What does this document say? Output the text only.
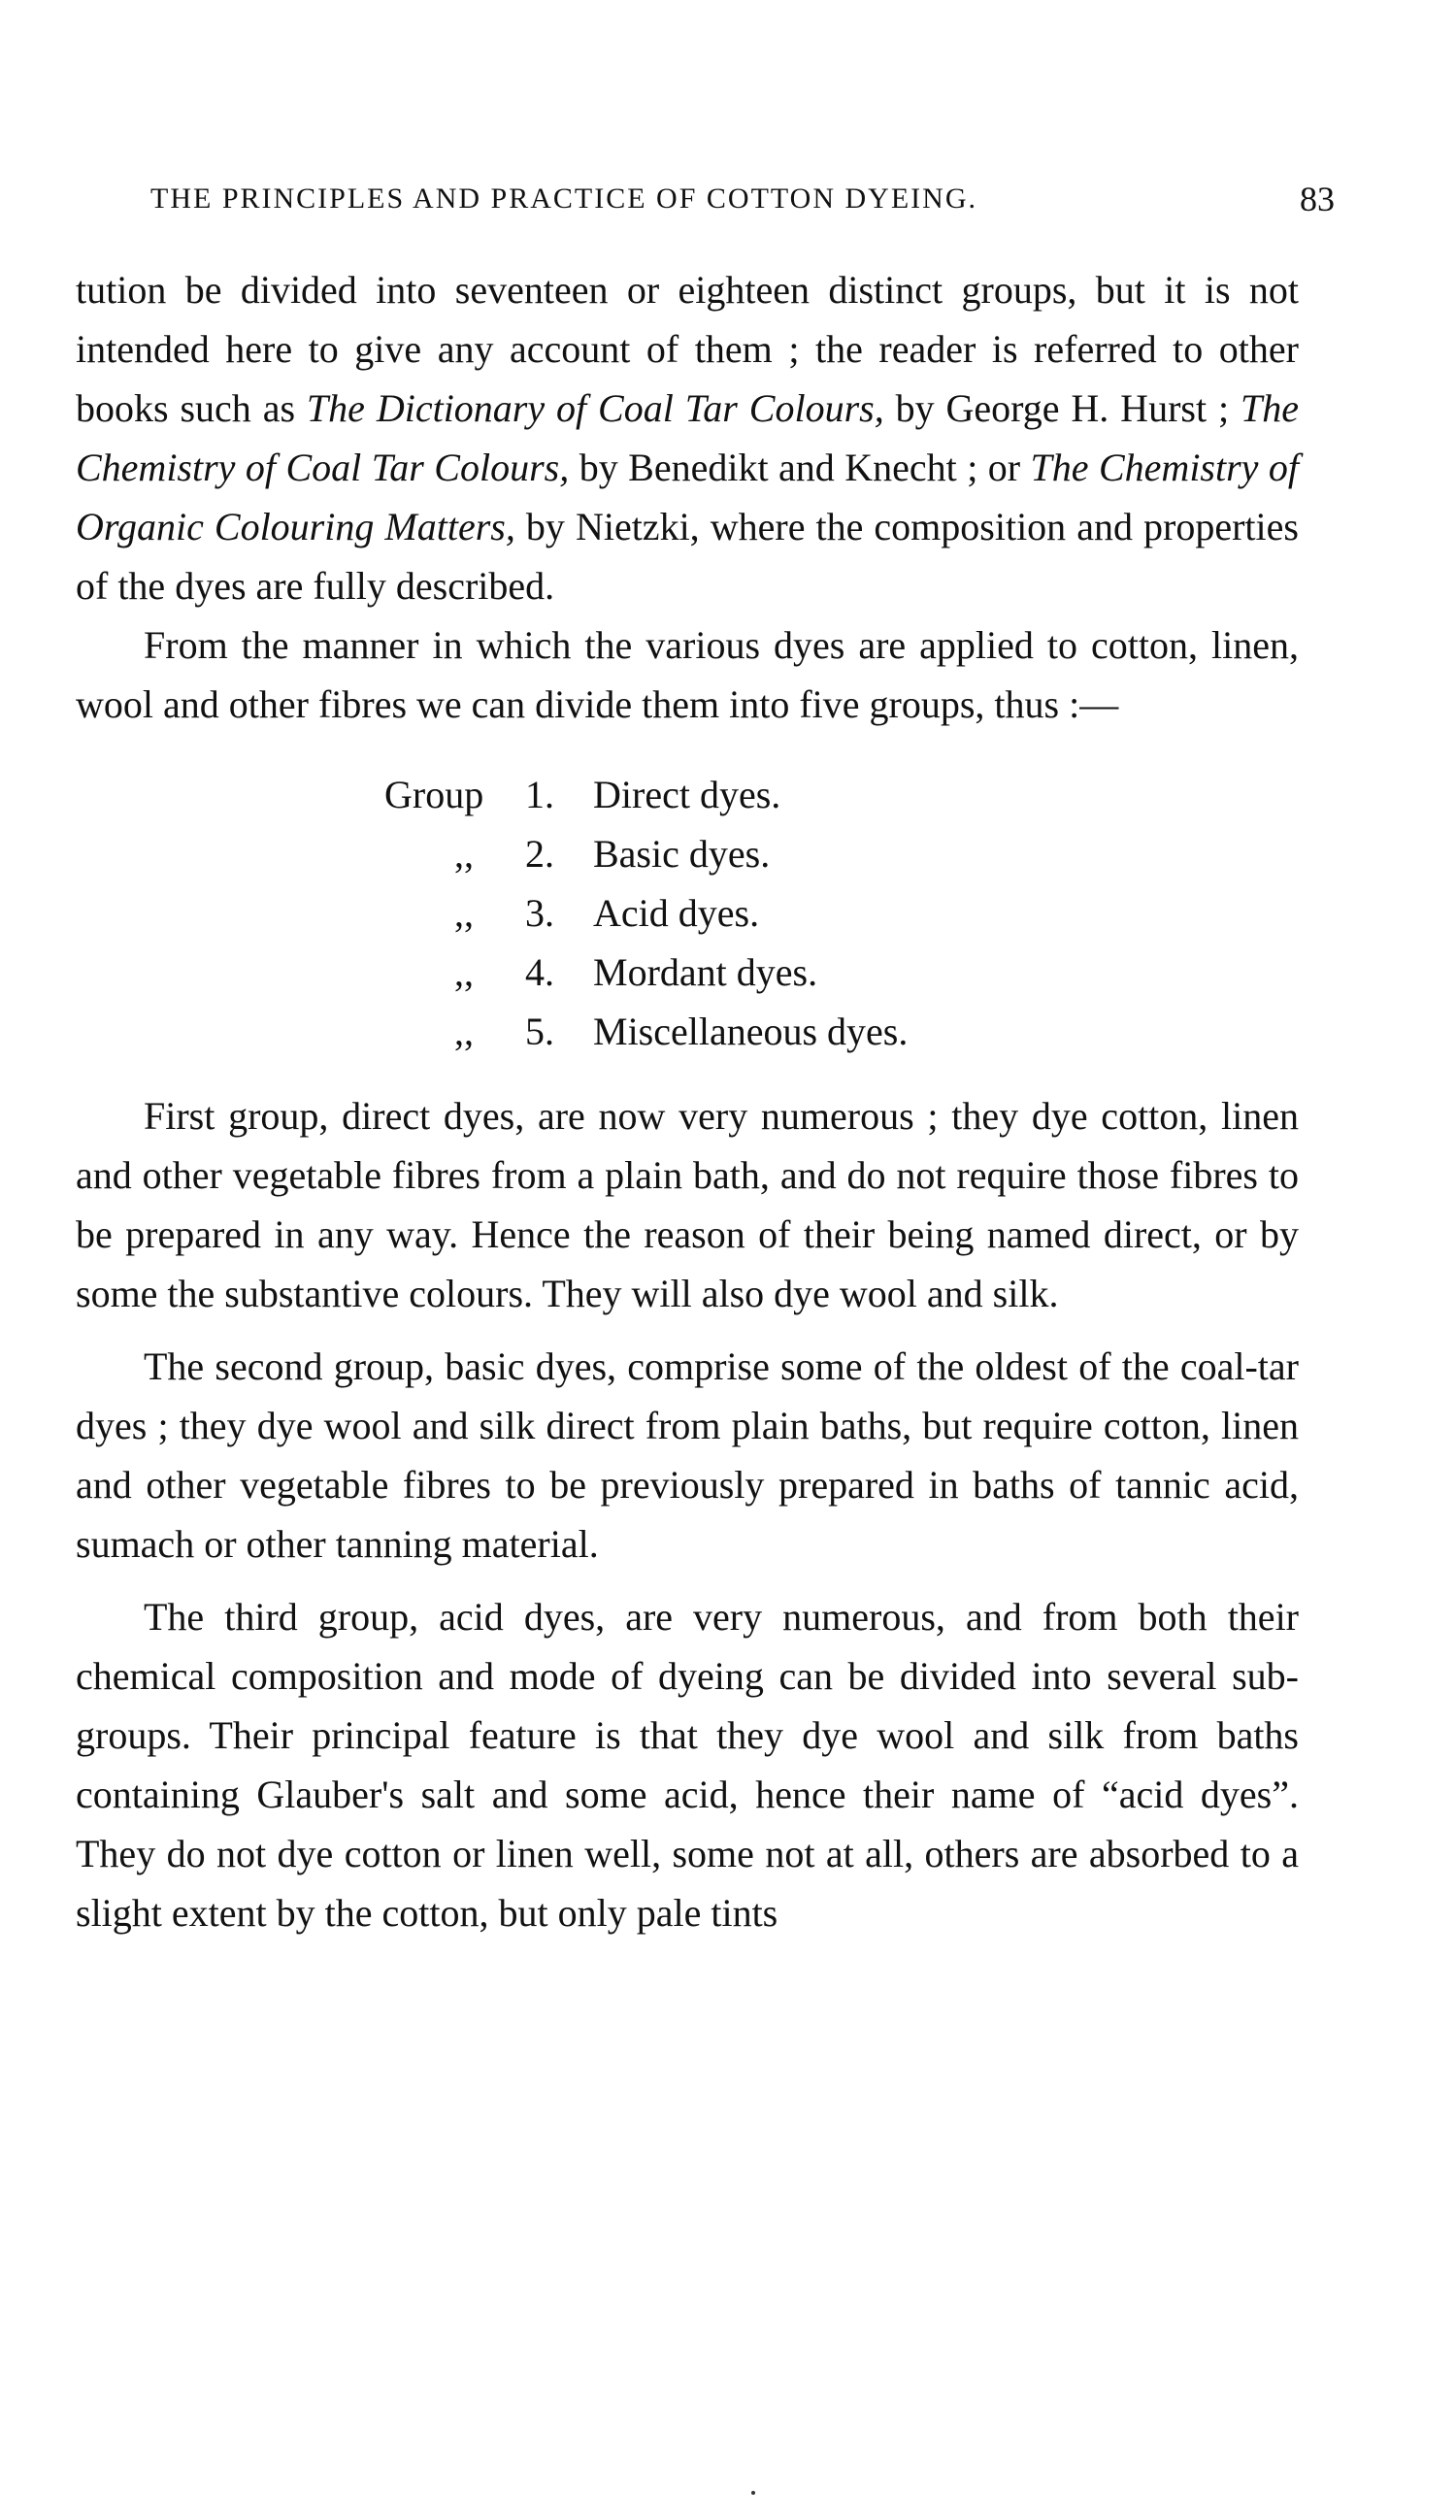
THE PRINCIPLES AND PRACTICE OF COTTON DYEING.	83

tution be divided into seventeen or eighteen distinct groups, but it is not intended here to give any account of them ; the reader is referred to other books such as The Dictionary of Coal Tar Colours, by George H. Hurst ; The Chemistry of Coal Tar Colours, by Benedikt and Knecht ; or The Chemistry of Organic Colouring Matters, by Nietzki, where the composition and properties of the dyes are fully described.

From the manner in which the various dyes are applied to cotton, linen, wool and other fibres we can divide them into five groups, thus :—

Group 1. Direct dyes.
,, 2. Basic dyes.
,, 3. Acid dyes.
,, 4. Mordant dyes.
,, 5. Miscellaneous dyes.

First group, direct dyes, are now very numerous ; they dye cotton, linen and other vegetable fibres from a plain bath, and do not require those fibres to be prepared in any way. Hence the reason of their being named direct, or by some the substantive colours. They will also dye wool and silk.

The second group, basic dyes, comprise some of the oldest of the coal-tar dyes ; they dye wool and silk direct from plain baths, but require cotton, linen and other vegetable fibres to be previously prepared in baths of tannic acid, sumach or other tanning material.

The third group, acid dyes, are very numerous, and from both their chemical composition and mode of dyeing can be divided into several sub-groups. Their principal feature is that they dye wool and silk from baths containing Glauber's salt and some acid, hence their name of “acid dyes”. They do not dye cotton or linen well, some not at all, others are absorbed to a slight extent by the cotton, but only pale tints
